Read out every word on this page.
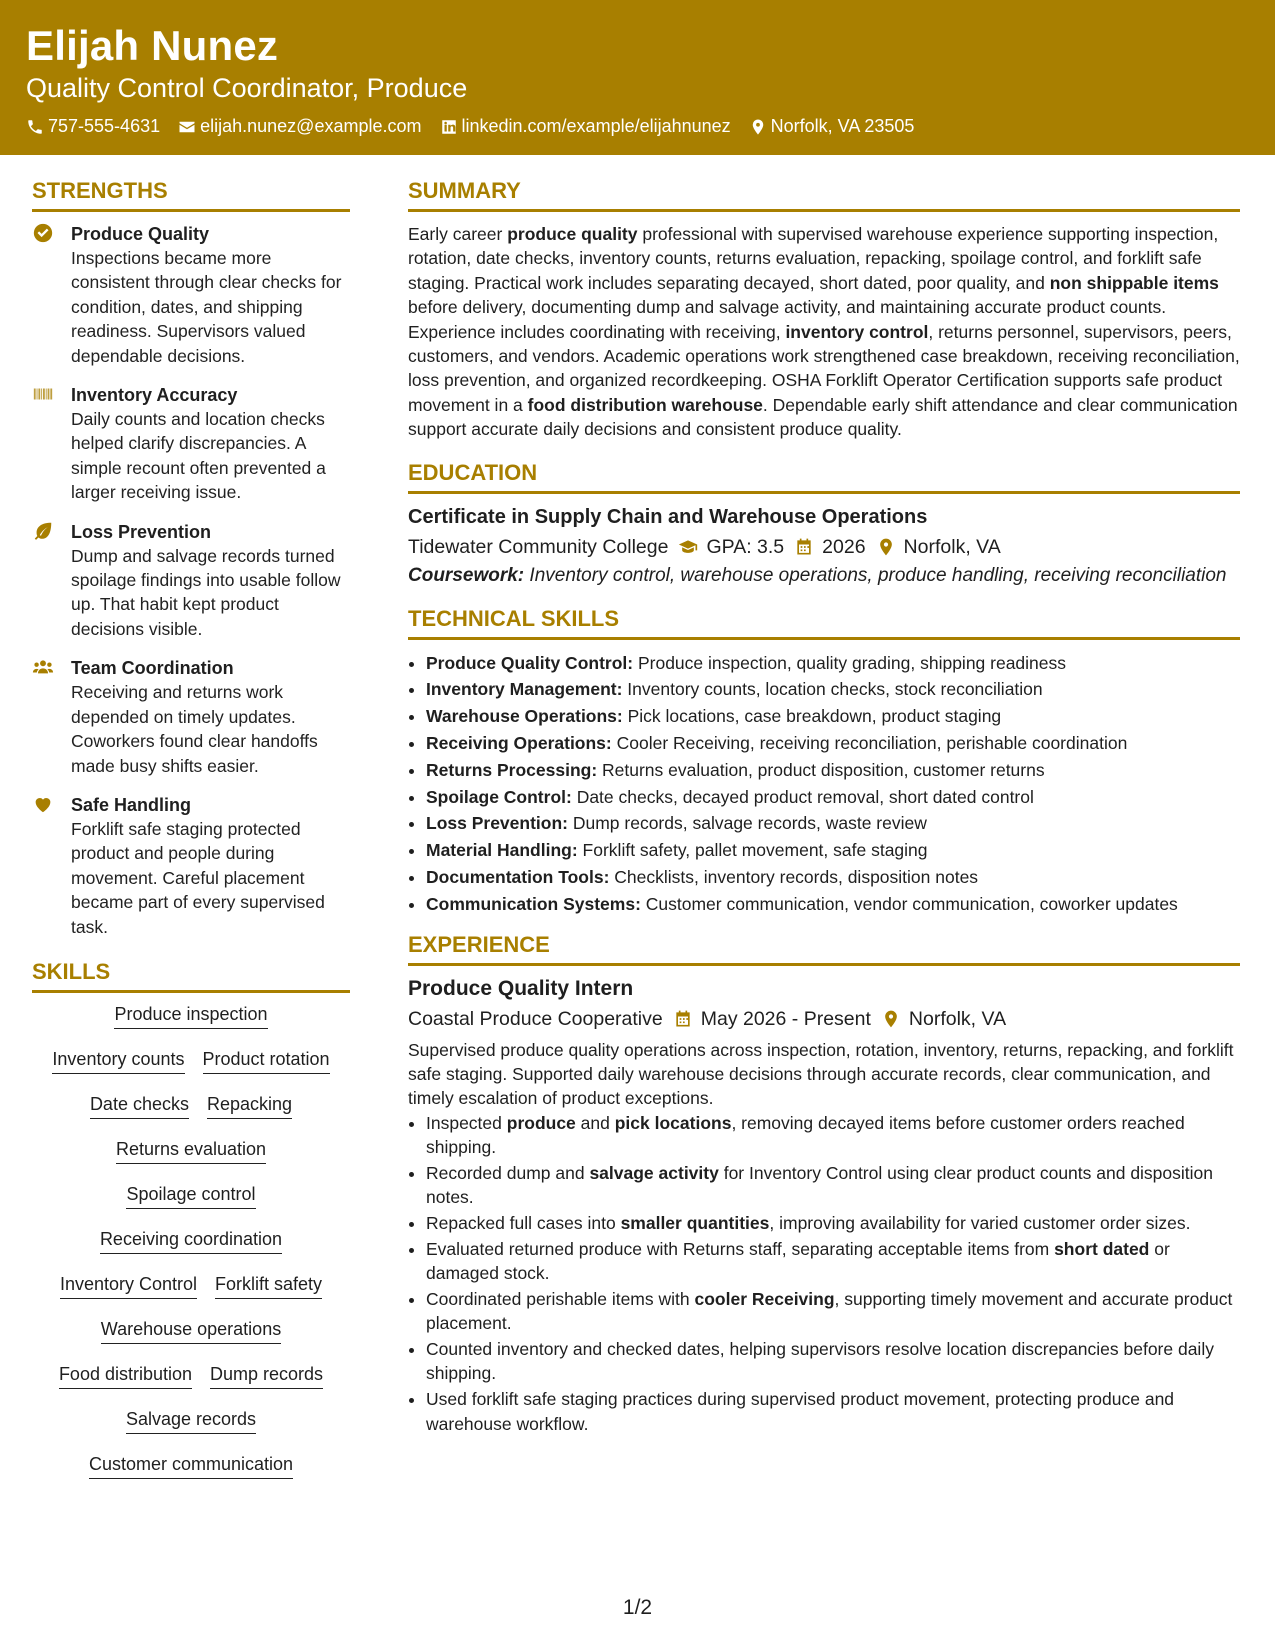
Elijah Nunez
Quality Control Coordinator, Produce
757-555-4631 elijah.nunez@example.com linkedin.com/example/elijahnunez Norfolk, VA 23505
STRENGTHS
Produce Quality
Inspections became more consistent through clear checks for condition, dates, and shipping readiness. Supervisors valued dependable decisions.
Inventory Accuracy
Daily counts and location checks helped clarify discrepancies. A simple recount often prevented a larger receiving issue.
Loss Prevention
Dump and salvage records turned spoilage findings into usable follow up. That habit kept product decisions visible.
Team Coordination
Receiving and returns work depended on timely updates. Coworkers found clear handoffs made busy shifts easier.
Safe Handling
Forklift safe staging protected product and people during movement. Careful placement became part of every supervised task.
SKILLS
Produce inspection
Inventory counts Product rotation
Date checks Repacking
Returns evaluation
Spoilage control
Receiving coordination
Inventory Control Forklift safety
Warehouse operations
Food distribution Dump records
Salvage records
Customer communication
SUMMARY
Early career produce quality professional with supervised warehouse experience supporting inspection, rotation, date checks, inventory counts, returns evaluation, repacking, spoilage control, and forklift safe staging. Practical work includes separating decayed, short dated, poor quality, and non shippable items before delivery, documenting dump and salvage activity, and maintaining accurate product counts. Experience includes coordinating with receiving, inventory control, returns personnel, supervisors, peers, customers, and vendors. Academic operations work strengthened case breakdown, receiving reconciliation, loss prevention, and organized recordkeeping. OSHA Forklift Operator Certification supports safe product movement in a food distribution warehouse. Dependable early shift attendance and clear communication support accurate daily decisions and consistent produce quality.
EDUCATION
Certificate in Supply Chain and Warehouse Operations
Tidewater Community College GPA: 3.5 2026 Norfolk, VA
Coursework: Inventory control, warehouse operations, produce handling, receiving reconciliation
TECHNICAL SKILLS
• Produce Quality Control: Produce inspection, quality grading, shipping readiness
• Inventory Management: Inventory counts, location checks, stock reconciliation
• Warehouse Operations: Pick locations, case breakdown, product staging
• Receiving Operations: Cooler Receiving, receiving reconciliation, perishable coordination
• Returns Processing: Returns evaluation, product disposition, customer returns
• Spoilage Control: Date checks, decayed product removal, short dated control
• Loss Prevention: Dump records, salvage records, waste review
• Material Handling: Forklift safety, pallet movement, safe staging
• Documentation Tools: Checklists, inventory records, disposition notes
• Communication Systems: Customer communication, vendor communication, coworker updates
EXPERIENCE
Produce Quality Intern
Coastal Produce Cooperative May 2026 - Present Norfolk, VA
Supervised produce quality operations across inspection, rotation, inventory, returns, repacking, and forklift safe staging. Supported daily warehouse decisions through accurate records, clear communication, and timely escalation of product exceptions.
• Inspected produce and pick locations, removing decayed items before customer orders reached shipping.
• Recorded dump and salvage activity for Inventory Control using clear product counts and disposition notes.
• Repacked full cases into smaller quantities, improving availability for varied customer order sizes.
• Evaluated returned produce with Returns staff, separating acceptable items from short dated or damaged stock.
• Coordinated perishable items with cooler Receiving, supporting timely movement and accurate product placement.
• Counted inventory and checked dates, helping supervisors resolve location discrepancies before daily shipping.
• Used forklift safe staging practices during supervised product movement, protecting produce and warehouse workflow.
1/2
